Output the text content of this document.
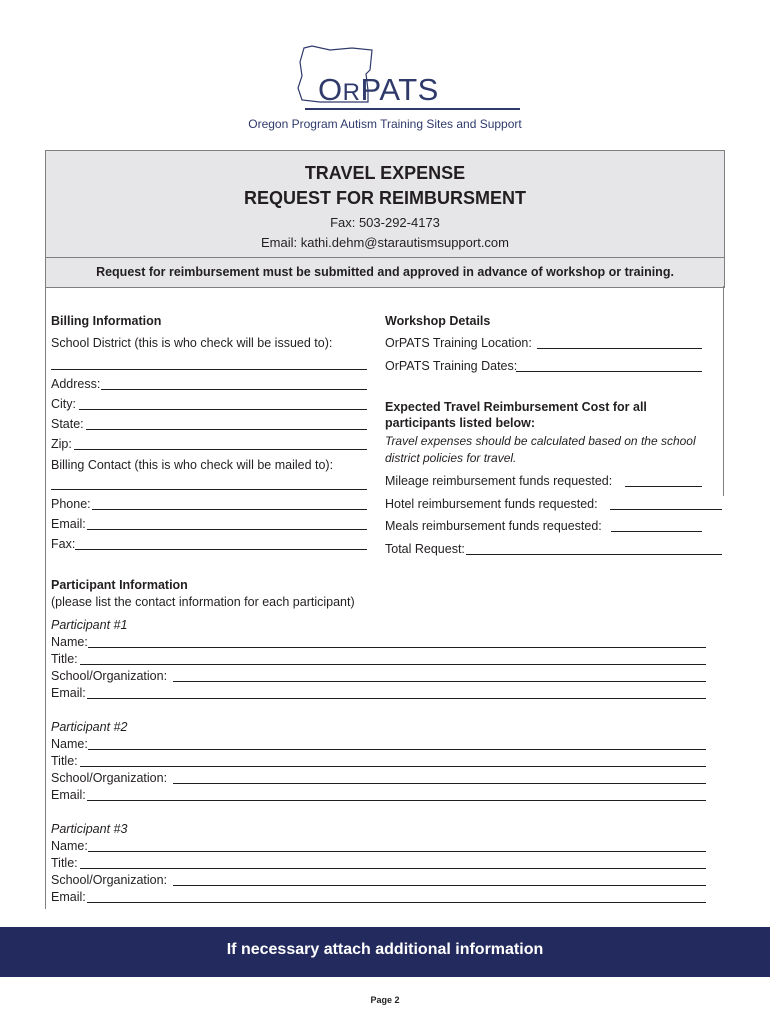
ORPATS
Oregon Program Autism Training Sites and Support
TRAVEL EXPENSE
REQUEST FOR REIMBURSMENT
Fax: 503-292-4173
Email: kathi.dehm@starautismsupport.com
Request for reimbursement must be submitted and approved in advance of workshop or training.
Billing Information
School District (this is who check will be issued to):
Address:
City:
State:
Zip:
Billing Contact (this is who check will be mailed to):
Phone:
Email:
Fax:
Workshop Details
OrPATS Training Location:
OrPATS Training Dates:
Expected Travel Reimbursement Cost for all
participants listed below:
Travel expenses should be calculated based on the school
district policies for travel.
Mileage reimbursement funds requested:
Hotel reimbursement funds requested:
Meals reimbursement funds requested:
Total Request:
Participant Information
(please list the contact information for each participant)
Participant #1
Name:
Title:
School/Organization:
Email:
Participant #2
Name:
Title:
School/Organization:
Email:
Participant #3
Name:
Title:
School/Organization:
Email:
If necessary attach additional information
Page 2
